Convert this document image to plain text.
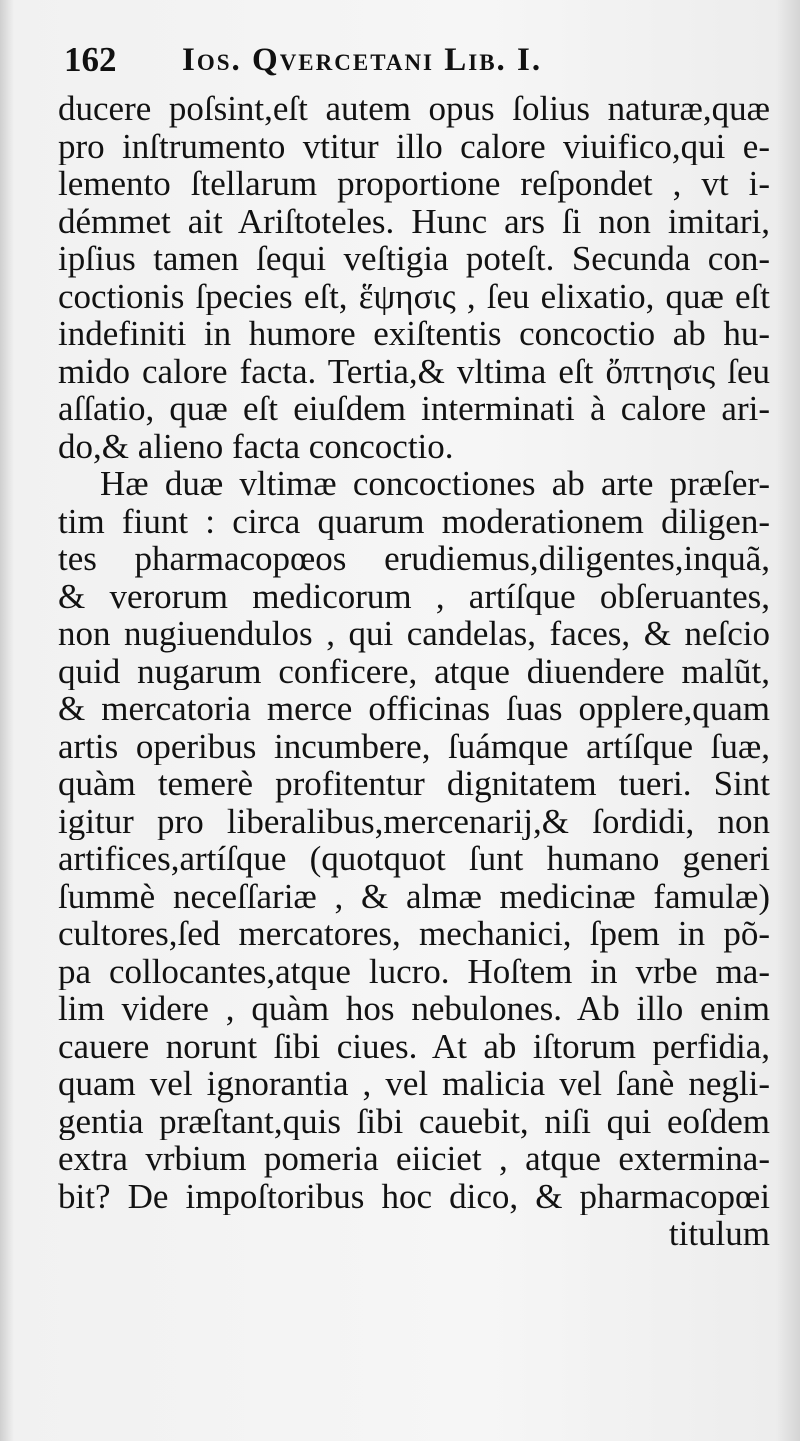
162 Ios. Qvercetani Lib. I.
ducere poſsint,eſt autem opus ſolius naturæ,quæ
pro inſtrumento vtitur illo calore viuifico,qui e-
lemento ſtellarum proportione reſpondet , vt i-
démmet ait Ariſtoteles. Hunc ars ſi non imitari,
ipſius tamen ſequi veſtigia poteſt. Secunda con-
coctionis ſpecies eſt, ἕψησις , ſeu elixatio, quæ eſt
indefiniti in humore exiſtentis concoctio ab hu-
mido calore facta. Tertia,& vltima eſt ὄπτησις ſeu
aſſatio, quæ eſt eiuſdem interminati à calore ari-
do,& alieno facta concoctio.
Hæ duæ vltimæ concoctiones ab arte præſer-
tim fiunt : circa quarum moderationem diligen-
tes pharmacopœos erudiemus,diligentes,inquã,
& verorum medicorum , artíſque obſeruantes,
non nugiuendulos , qui candelas, faces, & neſcio
quid nugarum conficere, atque diuendere malũt,
& mercatoria merce officinas ſuas opplere,quam
artis operibus incumbere, ſuámque artíſque ſuæ,
quàm temerè profitentur dignitatem tueri. Sint
igitur pro liberalibus,mercenarij,& ſordidi, non
artifices,artíſque (quotquot ſunt humano generi
ſummè neceſſariæ , & almæ medicinæ famulæ)
cultores,ſed mercatores, mechanici, ſpem in põ-
pa collocantes,atque lucro. Hoſtem in vrbe ma-
lim videre , quàm hos nebulones. Ab illo enim
cauere norunt ſibi ciues. At ab iſtorum perfidia,
quam vel ignorantia , vel malicia vel ſanè negli-
gentia præſtant,quis ſibi cauebit, niſi qui eoſdem
extra vrbium pomeria eiiciet , atque extermina-
bit? De impoſtoribus hoc dico, & pharmacopœi
titulum
